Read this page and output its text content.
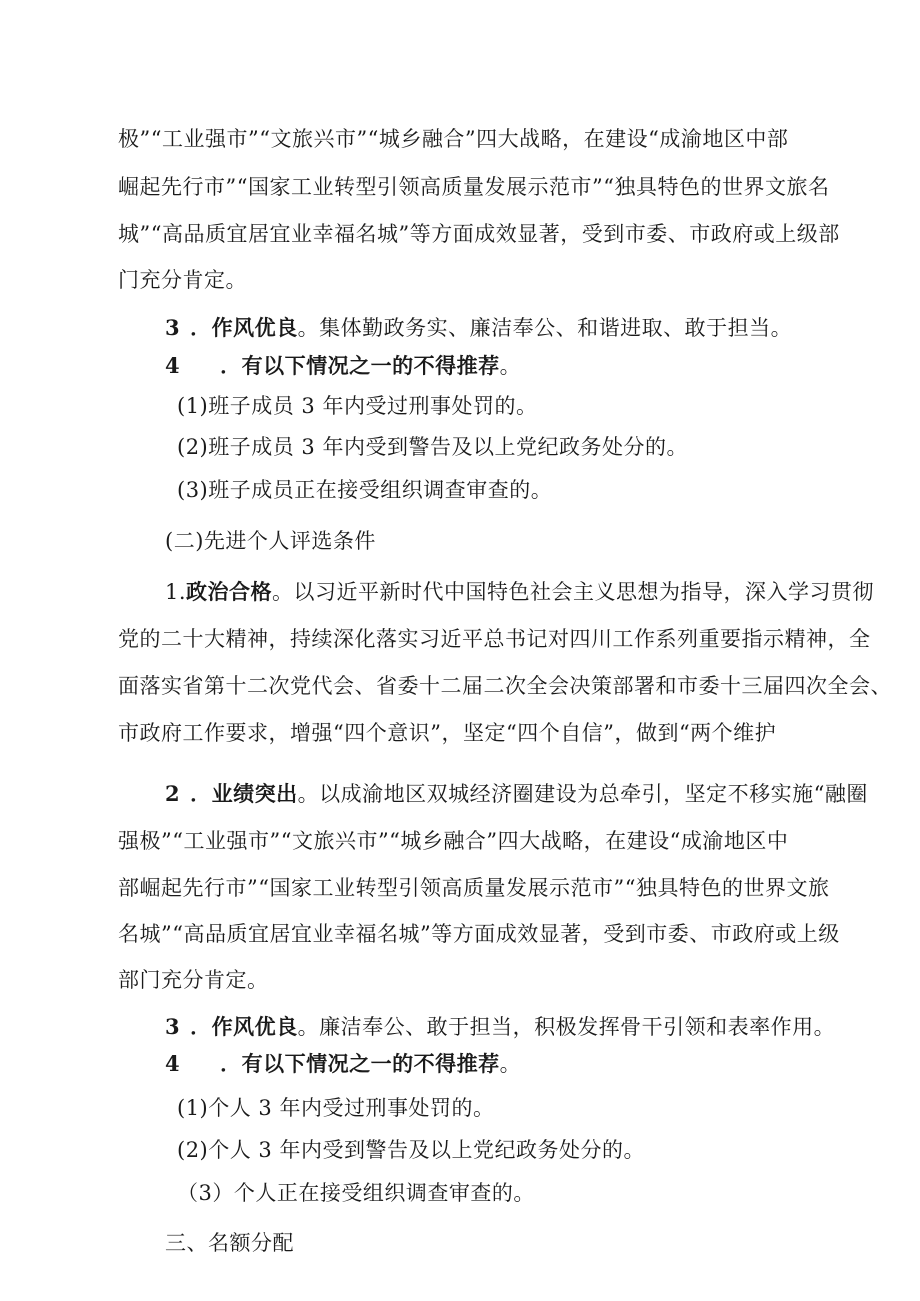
极”“工业强市”“文旅兴市”“城乡融合”四大战略，在建设“成渝地区中部
崛起先行市”“国家工业转型引领高质量发展示范市”“独具特色的世界文旅名
城”“高品质宜居宜业幸福名城”等方面成效显著，受到市委、市政府或上级部
门充分肯定。
3 ．作风优良。集体勤政务实、廉洁奉公、和谐进取、敢于担当。
4 ．有以下情况之一的不得推荐。
(1)班子成员 3 年内受过刑事处罚的。
(2)班子成员 3 年内受到警告及以上党纪政务处分的。
(3)班子成员正在接受组织调查审查的。
(二)先进个人评选条件
1.政治合格。以习近平新时代中国特色社会主义思想为指导，深入学习贯彻
党的二十大精神，持续深化落实习近平总书记对四川工作系列重要指示精神，全
面落实省第十二次党代会、省委十二届二次全会决策部署和市委十三届四次全会、
市政府工作要求，增强“四个意识”，坚定“四个自信”，做到“两个维护
2 ．业绩突出。以成渝地区双城经济圈建设为总牵引，坚定不移实施“融圈
强极”“工业强市”“文旅兴市”“城乡融合”四大战略，在建设“成渝地区中
部崛起先行市”“国家工业转型引领高质量发展示范市”“独具特色的世界文旅
名城”“高品质宜居宜业幸福名城”等方面成效显著，受到市委、市政府或上级
部门充分肯定。
3 ．作风优良。廉洁奉公、敢于担当，积极发挥骨干引领和表率作用。
4 ．有以下情况之一的不得推荐。
(1)个人 3 年内受过刑事处罚的。
(2)个人 3 年内受到警告及以上党纪政务处分的。
（3）个人正在接受组织调查审查的。
三、名额分配
